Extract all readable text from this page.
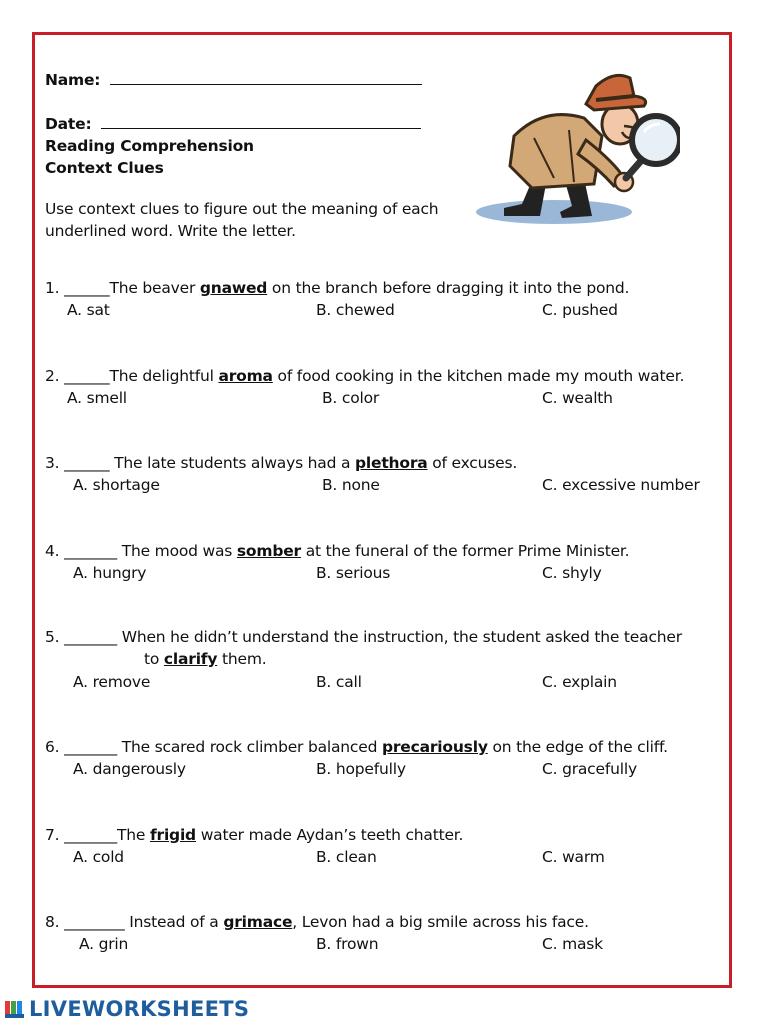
Name:
Date:
Reading Comprehension
Context Clues
Use context clues to figure out the meaning of each
underlined word. Write the letter.
1. ______The beaver gnawed on the branch before dragging it into the pond.
A. sat	B. chewed	C. pushed
2. ______The delightful aroma of food cooking in the kitchen made my mouth water.
A. smell	B. color	C. wealth
3. ______ The late students always had a plethora of excuses.
A. shortage	B. none	C. excessive number
4. _______ The mood was somber at the funeral of the former Prime Minister.
A. hungry	B. serious	C. shyly
5. _______ When he didn’t understand the instruction, the student asked the teacher
to clarify them.
A. remove	B. call	C. explain
6. _______ The scared rock climber balanced precariously on the edge of the cliff.
A. dangerously	B. hopefully	C. gracefully
7. _______The frigid water made Aydan’s teeth chatter.
A. cold	B. clean	C. warm
8. ________ Instead of a grimace, Levon had a big smile across his face.
A. grin	B. frown	C. mask
LIVEWORKSHEETS
